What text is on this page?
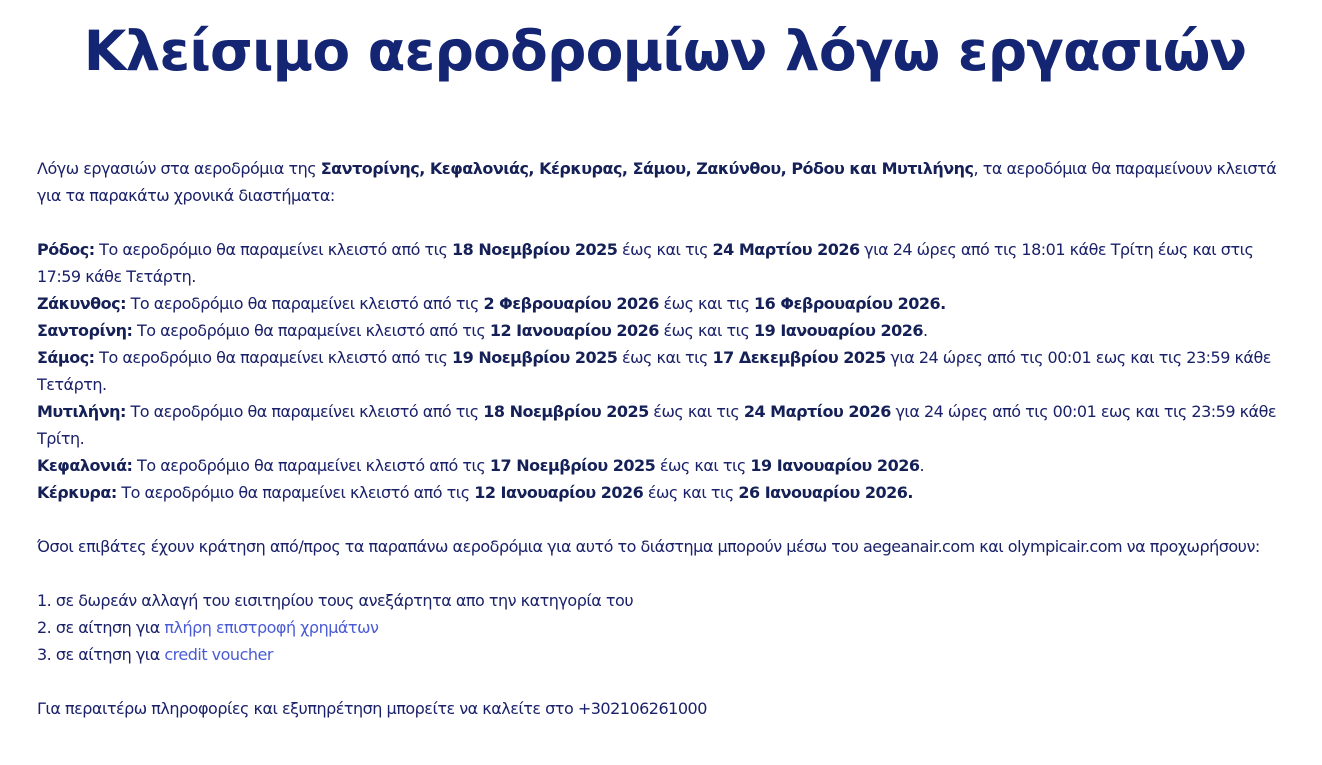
Κλείσιμο αεροδρομίων λόγω εργασιών

Λόγω εργασιών στα αεροδρόμια της Σαντορίνης, Κεφαλονιάς, Κέρκυρας, Σάμου, Ζακύνθου, Ρόδου και Μυτιλήνης, τα αεροδόμια θα παραμείνουν κλειστά για τα παρακάτω χρονικά διαστήματα:

Ρόδος: Το αεροδρόμιο θα παραμείνει κλειστό από τις 18 Νοεμβρίου 2025 έως και τις 24 Μαρτίου 2026 για 24 ώρες από τις 18:01 κάθε Τρίτη έως και στις 17:59 κάθε Τετάρτη.

Ζάκυνθος: Το αεροδρόμιο θα παραμείνει κλειστό από τις 2 Φεβρουαρίου 2026 έως και τις 16 Φεβρουαρίου 2026.

Σαντορίνη: Το αεροδρόμιο θα παραμείνει κλειστό από τις 12 Ιανουαρίου 2026 έως και τις 19 Ιανουαρίου 2026.

Σάμος: Το αεροδρόμιο θα παραμείνει κλειστό από τις 19 Νοεμβρίου 2025 έως και τις 17 Δεκεμβρίου 2025 για 24 ώρες από τις 00:01 εως και τις 23:59 κάθε Τετάρτη.

Μυτιλήνη: Το αεροδρόμιο θα παραμείνει κλειστό από τις 18 Νοεμβρίου 2025 έως και τις 24 Μαρτίου 2026 για 24 ώρες από τις 00:01 εως και τις 23:59 κάθε Τρίτη.

Κεφαλονιά: Το αεροδρόμιο θα παραμείνει κλειστό από τις 17 Νοεμβρίου 2025 έως και τις 19 Ιανουαρίου 2026.

Κέρκυρα: Το αεροδρόμιο θα παραμείνει κλειστό από τις 12 Ιανουαρίου 2026 έως και τις 26 Ιανουαρίου 2026.

Όσοι επιβάτες έχουν κράτηση από/προς τα παραπάνω αεροδρόμια για αυτό το διάστημα μπορούν μέσω του aegeanair.com και olympicair.com να προχωρήσουν:

1. σε δωρεάν αλλαγή του εισιτηρίου τους ανεξάρτητα απο την κατηγορία του

2. σε αίτηση για πλήρη επιστροφή χρημάτων

3. σε αίτηση για credit voucher

Για περαιτέρω πληροφορίες και εξυπηρέτηση μπορείτε να καλείτε στο +302106261000
